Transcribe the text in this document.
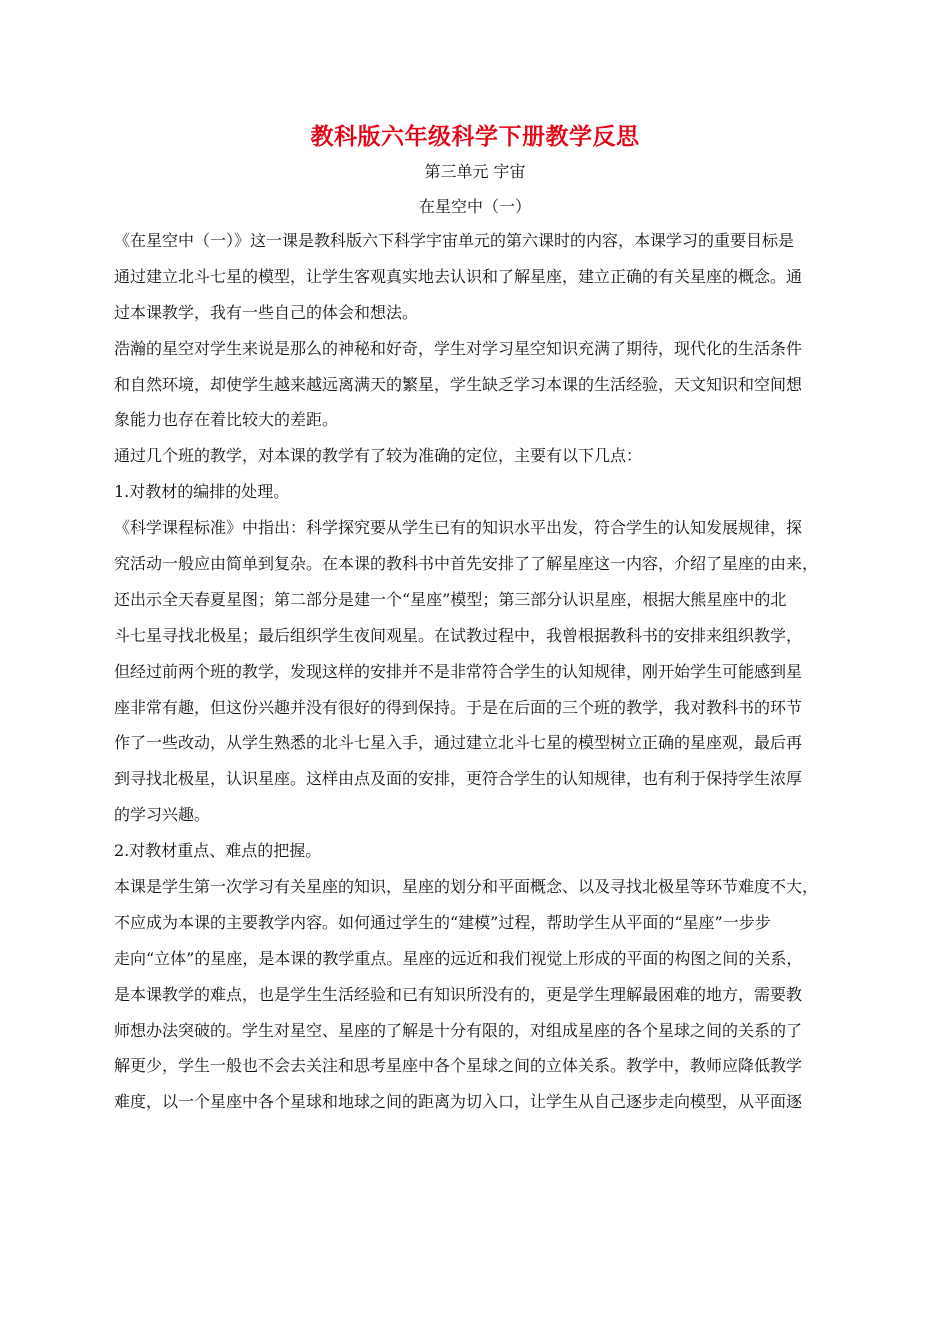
教科版六年级科学下册教学反思

第三单元 宇宙

在星空中（一）

《在星空中（一）》这一课是教科版六下科学宇宙单元的第六课时的内容，本课学习的重要目标是

通过建立北斗七星的模型，让学生客观真实地去认识和了解星座，建立正确的有关星座的概念。通

过本课教学，我有一些自己的体会和想法。

浩瀚的星空对学生来说是那么的神秘和好奇，学生对学习星空知识充满了期待，现代化的生活条件

和自然环境，却使学生越来越远离满天的繁星，学生缺乏学习本课的生活经验，天文知识和空间想

象能力也存在着比较大的差距。

通过几个班的教学，对本课的教学有了较为准确的定位，主要有以下几点：

1.对教材的编排的处理。

《科学课程标准》中指出：科学探究要从学生已有的知识水平出发，符合学生的认知发展规律，探

究活动一般应由简单到复杂。在本课的教科书中首先安排了了解星座这一内容，介绍了星座的由来，

还出示全天春夏星图；第二部分是建一个“星座”模型；第三部分认识星座，根据大熊星座中的北

斗七星寻找北极星；最后组织学生夜间观星。在试教过程中，我曾根据教科书的安排来组织教学，

但经过前两个班的教学，发现这样的安排并不是非常符合学生的认知规律，刚开始学生可能感到星

座非常有趣，但这份兴趣并没有很好的得到保持。于是在后面的三个班的教学，我对教科书的环节

作了一些改动，从学生熟悉的北斗七星入手，通过建立北斗七星的模型树立正确的星座观，最后再

到寻找北极星，认识星座。这样由点及面的安排，更符合学生的认知规律，也有利于保持学生浓厚

的学习兴趣。

2.对教材重点、难点的把握。

本课是学生第一次学习有关星座的知识，星座的划分和平面概念、以及寻找北极星等环节难度不大，

不应成为本课的主要教学内容。如何通过学生的“建模”过程，帮助学生从平面的“星座”一步步

走向“立体”的星座，是本课的教学重点。星座的远近和我们视觉上形成的平面的构图之间的关系，

是本课教学的难点，也是学生生活经验和已有知识所没有的，更是学生理解最困难的地方，需要教

师想办法突破的。学生对星空、星座的了解是十分有限的，对组成星座的各个星球之间的关系的了

解更少，学生一般也不会去关注和思考星座中各个星球之间的立体关系。教学中，教师应降低教学

难度，以一个星座中各个星球和地球之间的距离为切入口，让学生从自己逐步走向模型，从平面逐
